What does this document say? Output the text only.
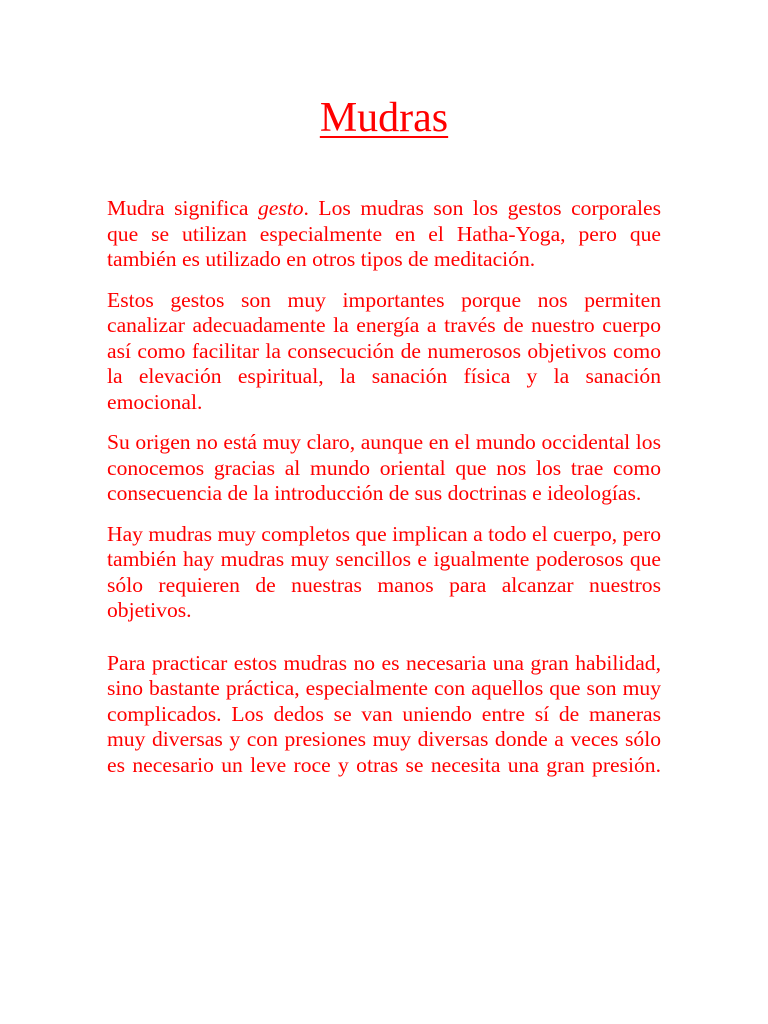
Mudras

Mudra significa gesto. Los mudras son los gestos corporales que se utilizan especialmente en el Hatha-Yoga, pero que también es utilizado en otros tipos de meditación.

Estos gestos son muy importantes porque nos permiten canalizar adecuadamente la energía a través de nuestro cuerpo así como facilitar la consecución de numerosos objetivos como la elevación espiritual, la sanación física y la sanación emocional.

Su origen no está muy claro, aunque en el mundo occidental los conocemos gracias al mundo oriental que nos los trae como consecuencia de la introducción de sus doctrinas e ideologías.

Hay mudras muy completos que implican a todo el cuerpo, pero también hay mudras muy sencillos e igualmente poderosos que sólo requieren de nuestras manos para alcanzar nuestros objetivos.

Para practicar estos mudras no es necesaria una gran habilidad, sino bastante práctica, especialmente con aquellos que son muy complicados. Los dedos se van uniendo entre sí de maneras muy diversas y con presiones muy diversas donde a veces sólo es necesario un leve roce y otras se necesita una gran presión.
